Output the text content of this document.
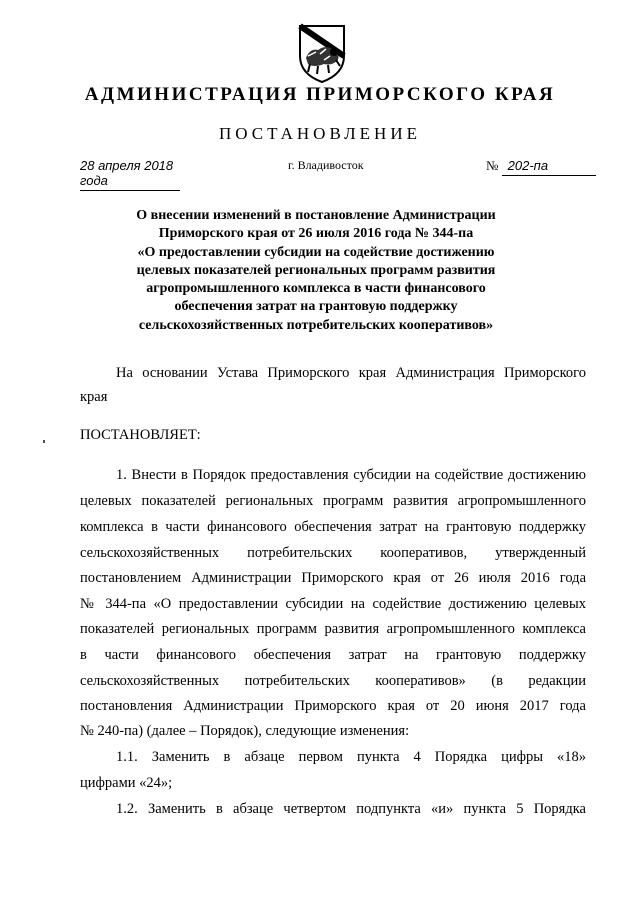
АДМИНИСТРАЦИЯ ПРИМОРСКОГО КРАЯ
ПОСТАНОВЛЕНИЕ
28 апреля 2018 года
г. Владивосток	№ 202-па
О внесении изменений в постановление Администрации
Приморского края от 26 июля 2016 года № 344-па
«О предоставлении субсидии на содействие достижению
целевых показателей региональных программ развития
агропромышленного комплекса в части финансового
обеспечения затрат на грантовую поддержку
сельскохозяйственных потребительских кооперативов»
На основании Устава Приморского края Администрация Приморского
края
ПОСТАНОВЛЯЕТ:
1. Внести в Порядок предоставления субсидии на содействие достижению
целевых показателей региональных программ развития агропромышленного
комплекса в части финансового обеспечения затрат на грантовую поддержку
сельскохозяйственных потребительских кооперативов, утвержденный
постановлением Администрации Приморского края от 26 июля 2016 года
№ 344-па «О предоставлении субсидии на содействие достижению целевых
показателей региональных программ развития агропромышленного комплекса
в части финансового обеспечения затрат на грантовую поддержку
сельскохозяйственных потребительских кооперативов» (в редакции
постановления Администрации Приморского края от 20 июня 2017 года
№ 240-па) (далее – Порядок), следующие изменения:
1.1. Заменить в абзаце первом пункта 4 Порядка цифры «18»
цифрами «24»;
1.2. Заменить в абзаце четвертом подпункта «и» пункта 5 Порядка
